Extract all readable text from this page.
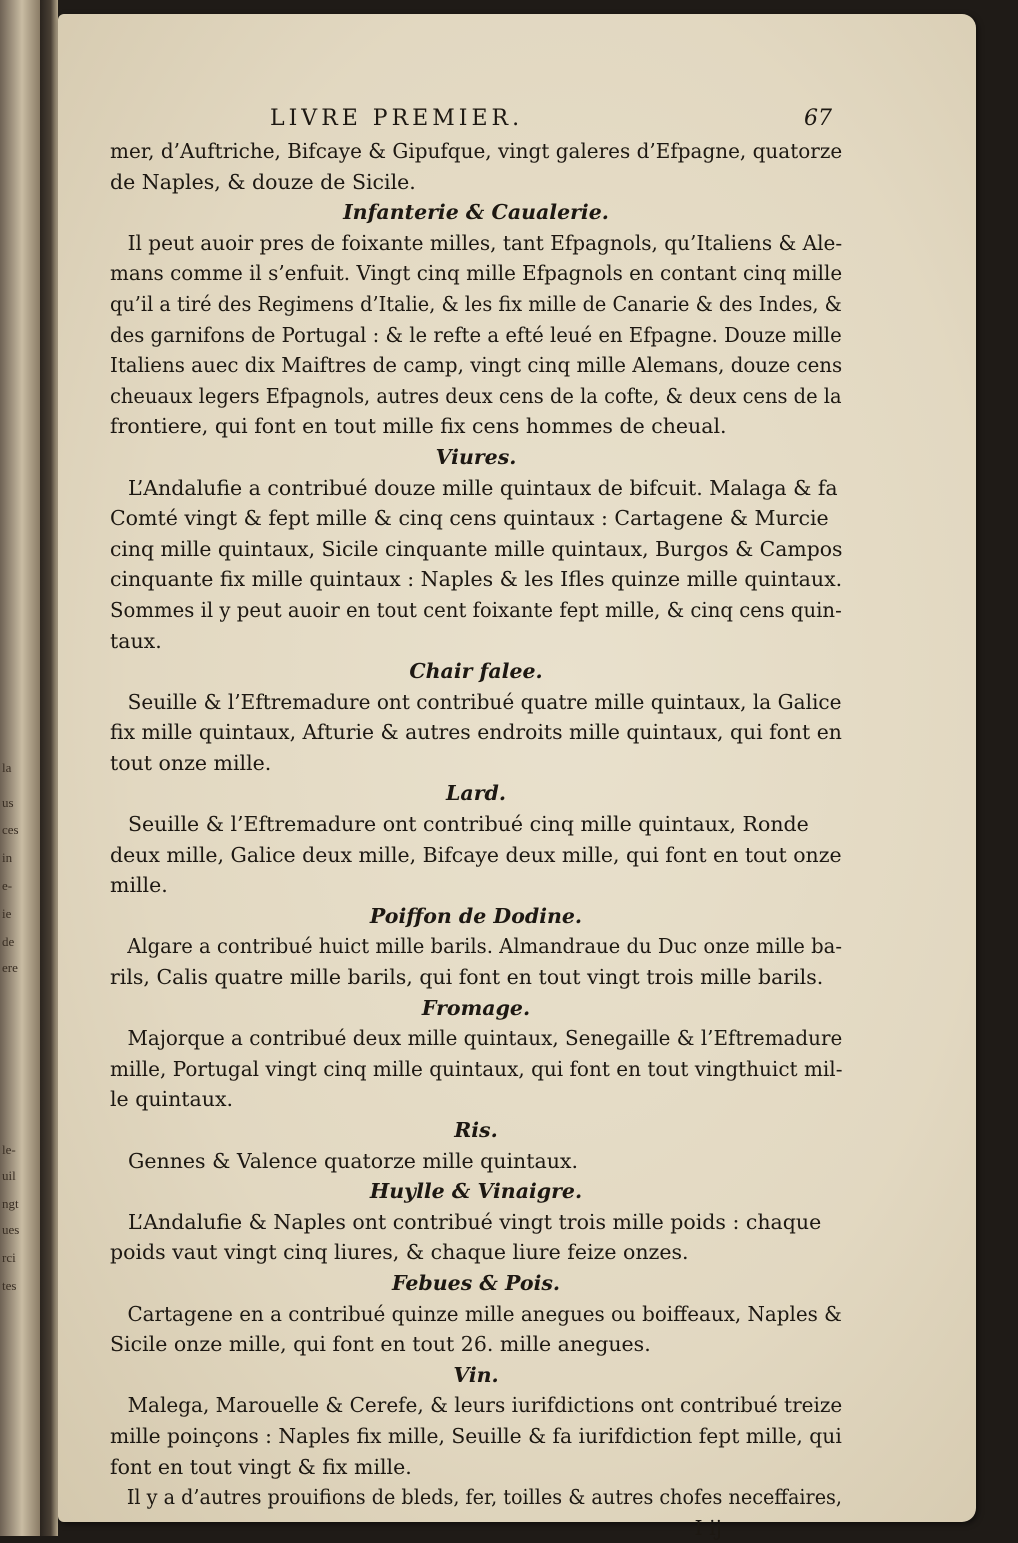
la
us
ces
in
e-
ie
de
ere
le-
uil
ngt
ues
rci
tes
LIVRE PREMIER.	67
mer, d’Auftriche, Bifcaye & Gipufque, vingt galeres d’Efpagne, quatorze
de Naples, & douze de Sicile.
Infanterie & Caualerie.
Il peut auoir pres de foixante milles, tant Efpagnols, qu’Italiens & Ale-
mans comme il s’enfuit. Vingt cinq mille Efpagnols en contant cinq mille
qu’il a tiré des Regimens d’Italie, & les fix mille de Canarie & des Indes, &
des garnifons de Portugal : & le refte a efté leué en Efpagne. Douze mille
Italiens auec dix Maiftres de camp, vingt cinq mille Alemans, douze cens
cheuaux legers Efpagnols, autres deux cens de la cofte, & deux cens de la
frontiere, qui font en tout mille fix cens hommes de cheual.
Viures.
L’Andalufie a contribué douze mille quintaux de bifcuit. Malaga & fa
Comté vingt & fept mille & cinq cens quintaux : Cartagene & Murcie
cinq mille quintaux, Sicile cinquante mille quintaux, Burgos & Campos
cinquante fix mille quintaux : Naples & les Ifles quinze mille quintaux.
Sommes il y peut auoir en tout cent foixante fept mille, & cinq cens quin-
taux.
Chair falee.
Seuille & l’Eftremadure ont contribué quatre mille quintaux, la Galice
fix mille quintaux, Afturie & autres endroits mille quintaux, qui font en
tout onze mille.
Lard.
Seuille & l’Eftremadure ont contribué cinq mille quintaux, Ronde
deux mille, Galice deux mille, Bifcaye deux mille, qui font en tout onze
mille.
Poiffon de Dodine.
Algare a contribué huict mille barils. Almandraue du Duc onze mille ba-
rils, Calis quatre mille barils, qui font en tout vingt trois mille barils.
Fromage.
Majorque a contribué deux mille quintaux, Senegaille & l’Eftremadure
mille, Portugal vingt cinq mille quintaux, qui font en tout vingthuict mil-
le quintaux.
Ris.
Gennes & Valence quatorze mille quintaux.
Huylle & Vinaigre.
L’Andalufie & Naples ont contribué vingt trois mille poids : chaque
poids vaut vingt cinq liures, & chaque liure feize onzes.
Febues & Pois.
Cartagene en a contribué quinze mille anegues ou boiffeaux, Naples &
Sicile onze mille, qui font en tout 26. mille anegues.
Vin.
Malega, Marouelle & Cerefe, & leurs iurifdictions ont contribué treize
mille poinçons : Naples fix mille, Seuille & fa iurifdiction fept mille, qui
font en tout vingt & fix mille.
Il y a d’autres prouifions de bleds, fer, toilles & autres chofes neceffaires,
I ij
